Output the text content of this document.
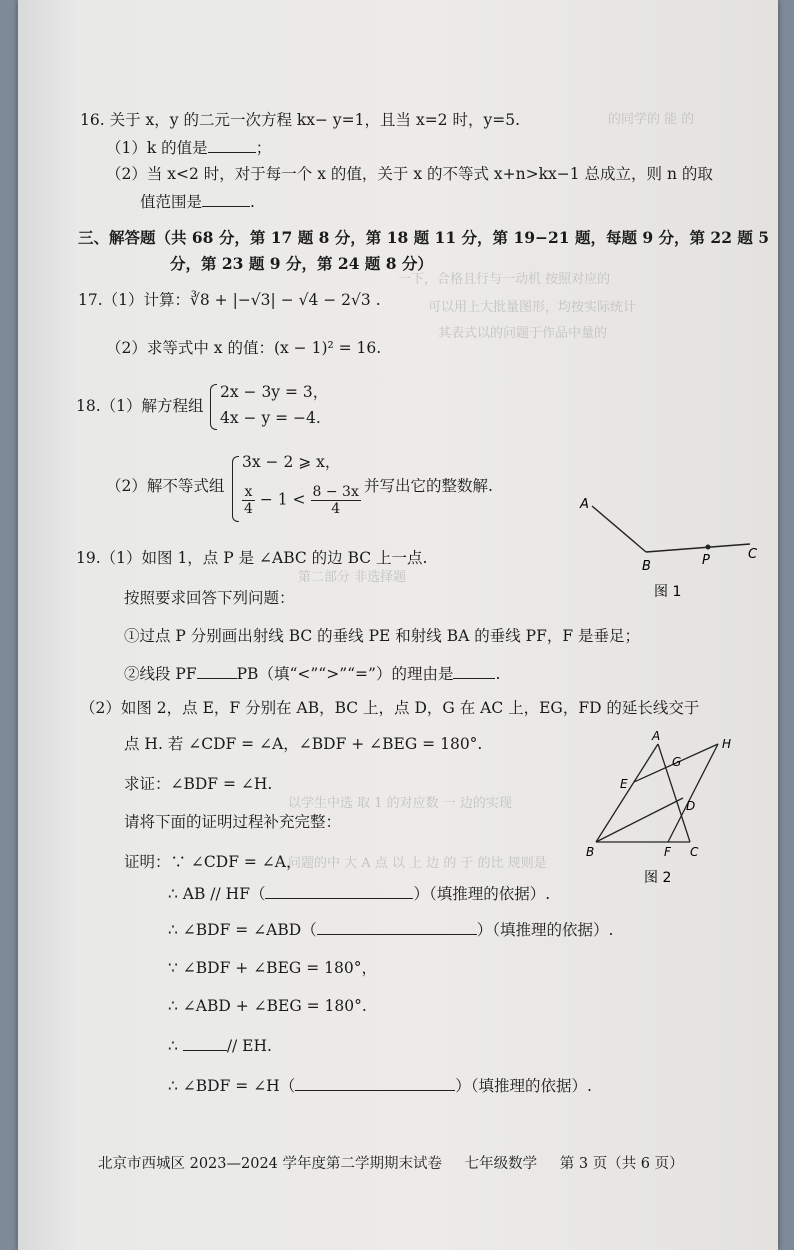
的同学的 能 的
一下，合格且行与一动机 按照对应的
可以用上大批量图形，均按实际统计
其表式以的问题于作品中量的
第二部分 非选择题
以学生中选 取 1 的对应数 一 边的实现
问题的中 大 A 点 以 上 边 的 于 的比 规则是
16. 关于 x，y 的二元一次方程 kx− y=1，且当 x=2 时，y=5.
（1）k 的值是	；
（2）当 x<2 时，对于每一个 x 的值，关于 x 的不等式 x+n>kx−1 总成立，则 n 的取
值范围是	.
三、解答题（共 68 分，第 17 题 8 分，第 18 题 11 分，第 19−21 题，每题 9 分，第 22 题 5
分，第 23 题 9 分，第 24 题 8 分）
17.（1）计算：∛8 + |−√3| − √4 − 2√3 .
（2）求等式中 x 的值：(x − 1)² = 16.
18.（1）解方程组
2x − 3y = 3，
4x − y = −4.
（2）解不等式组
3x − 2 ⩾ x，
$\frac{x}{4} - 1 < \frac{8 - 3x}{4}$ 并写出它的整数解.
A
B	P	C
图 1
19.（1）如图 1，点 P 是 ∠ABC 的边 BC 上一点.
按照要求回答下列问题：
①过点 P 分别画出射线 BC 的垂线 PE 和射线 BA 的垂线 PF，F 是垂足；
②线段 PF	PB（填“<”“>”“=”）的理由是	.
（2）如图 2，点 E，F 分别在 AB，BC 上，点 D，G 在 AC 上，EG，FD 的延长线交于
点 H. 若 ∠CDF = ∠A，∠BDF + ∠BEG = 180°.
求证：∠BDF = ∠H.
请将下面的证明过程补充完整：
A
H
G
E
D
B	F C
图 2
证明：∵ ∠CDF = ∠A，
∴ AB // HF（	）（填推理的依据）.
∴ ∠BDF = ∠ABD（	）（填推理的依据）.
∵ ∠BDF + ∠BEG = 180°，
∴ ∠ABD + ∠BEG = 180°.
∴	// EH.
∴ ∠BDF = ∠H（	）（填推理的依据）.
北京市西城区 2023—2024 学年度第二学期期末试卷 七年级数学 第 3 页（共 6 页）
